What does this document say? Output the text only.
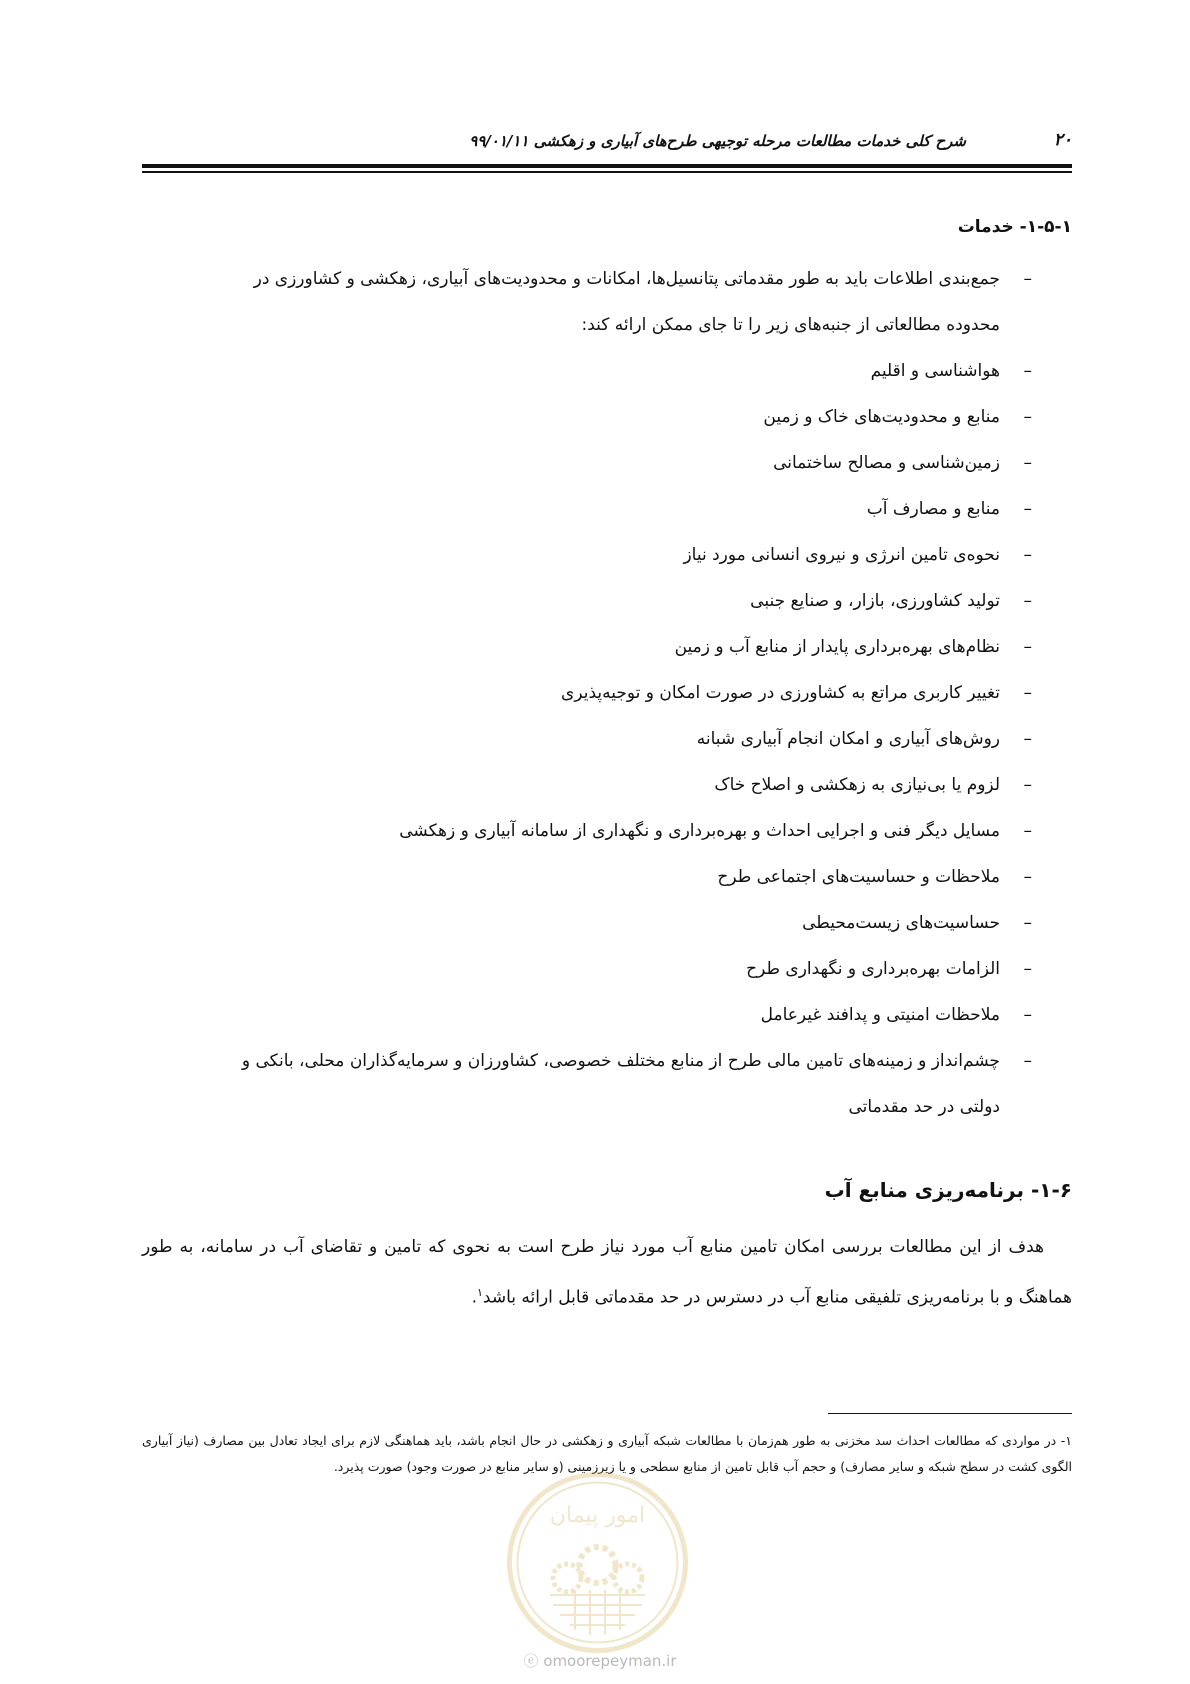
۲۰
شرح کلی خدمات مطالعات مرحله توجیهی طرح‌های آبیاری و زهکشی ۹۹/۰۱/۱۱
۱-۵-۱- خدمات
–
جمع‌بندی اطلاعات باید به طور مقدماتی پتانسیل‌ها، امکانات و محدودیت‌های آبیاری، زهکشی و کشاورزی در
محدوده مطالعاتی از جنبه‌های زیر را تا جای ممکن ارائه کند:
–
هواشناسی و اقلیم
–
منابع و محدودیت‌های خاک و زمین
–
زمین‌شناسی و مصالح ساختمانی
–
منابع و مصارف آب
–
نحوه‌ی تامین انرژی و نیروی انسانی مورد نیاز
–
تولید کشاورزی، بازار، و صنایع جنبی
–
نظام‌های بهره‌برداری پایدار از منابع آب و زمین
–
تغییر کاربری مراتع به کشاورزی در صورت امکان و توجیه‌پذیری
–
روش‌های آبیاری و امکان انجام آبیاری شبانه
–
لزوم یا بی‌نیازی به زهکشی و اصلاح خاک
–
مسایل دیگر فنی و اجرایی احداث و بهره‌برداری و نگهداری از سامانه آبیاری و زهکشی
–
ملاحظات و حساسیت‌های اجتماعی طرح
–
حساسیت‌های زیست‌محیطی
–
الزامات بهره‌برداری و نگهداری طرح
–
ملاحظات امنیتی و پدافند غیرعامل
–
چشم‌انداز و زمینه‌های تامین مالی طرح از منابع مختلف خصوصی، کشاورزان و سرمایه‌گذاران محلی، بانکی و
دولتی در حد مقدماتی
۱-۶- برنامه‌ریزی منابع آب

هدف از این مطالعات بررسی امکان تامین منابع آب مورد نیاز طرح است به نحوی که تامین و تقاضای آب در سامانه، به طور هماهنگ و با برنامه‌ریزی تلفیقی منابع آب در دسترس در حد مقدماتی قابل ارائه باشد$^۱$.

۱- در مواردی که مطالعات احداث سد مخزنی به طور هم‌زمان با مطالعات شبکه آبیاری و زهکشی در حال انجام باشد، باید هماهنگی لازم برای ایجاد تعادل بین مصارف (نیاز آبیاری الگوی کشت در سطح شبکه و سایر مصارف) و حجم آب قابل تامین از منابع سطحی و یا زیرزمینی (و سایر منابع در صورت وجود) صورت پذیرد.
امور پیمان
ⓔ omoorepeyman.ir
